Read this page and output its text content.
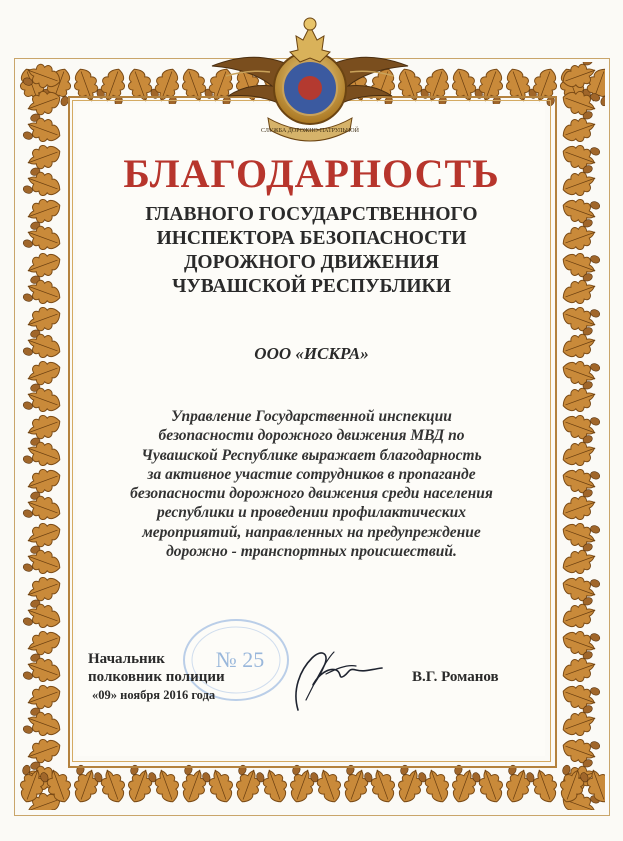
СЛУЖБА ДОРОЖНО-ПАТРУЛЬНОЙ
БЛАГОДАРНОСТЬ
ГЛАВНОГО ГОСУДАРСТВЕННОГО
ИНСПЕКТОРА БЕЗОПАСНОСТИ
ДОРОЖНОГО ДВИЖЕНИЯ
ЧУВАШСКОЙ РЕСПУБЛИКИ
ООО «ИСКРА»
Управление Государственной инспекции
безопасности дорожного движения МВД по
Чувашской Республике выражает благодарность
за активное участие сотрудников в пропаганде
безопасности дорожного движения среди населения
республики и проведении профилактических
мероприятий, направленных на предупреждение
дорожно - транспортных происшествий.
№ 25
Начальник
полковник полиции
«09» ноября 2016 года
В.Г. Романов
